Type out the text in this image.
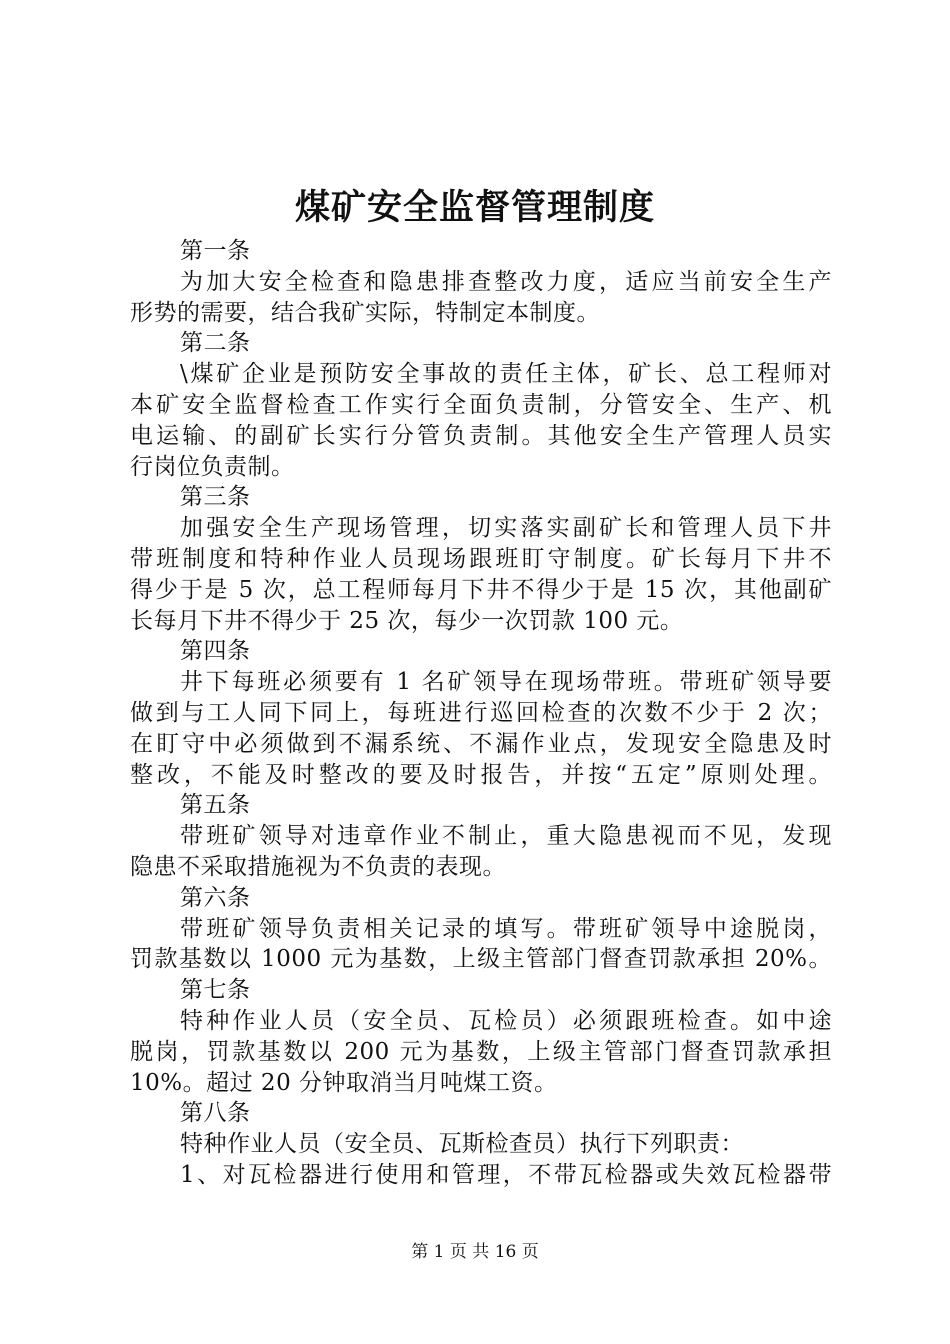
煤矿安全监督管理制度
第一条
为加大安全检查和隐患排查整改力度，适应当前安全生产
形势的需要，结合我矿实际，特制定本制度。
第二条
\煤矿企业是预防安全事故的责任主体，矿长、总工程师对
本矿安全监督检查工作实行全面负责制，分管安全、生产、机
电运输、的副矿长实行分管负责制。其他安全生产管理人员实
行岗位负责制。
第三条
加强安全生产现场管理，切实落实副矿长和管理人员下井
带班制度和特种作业人员现场跟班盯守制度。矿长每月下井不
得少于是 5 次，总工程师每月下井不得少于是 15 次，其他副矿
长每月下井不得少于 25 次，每少一次罚款 100 元。
第四条
井下每班必须要有 1 名矿领导在现场带班。带班矿领导要
做到与工人同下同上，每班进行巡回检查的次数不少于 2 次；
在盯守中必须做到不漏系统、不漏作业点，发现安全隐患及时
整改，不能及时整改的要及时报告，并按“五定”原则处理。
第五条
带班矿领导对违章作业不制止，重大隐患视而不见，发现
隐患不采取措施视为不负责的表现。
第六条
带班矿领导负责相关记录的填写。带班矿领导中途脱岗，
罚款基数以 1000 元为基数，上级主管部门督查罚款承担 20%。
第七条
特种作业人员（安全员、瓦检员）必须跟班检查。如中途
脱岗，罚款基数以 200 元为基数，上级主管部门督查罚款承担
10%。超过 20 分钟取消当月吨煤工资。
第八条
特种作业人员（安全员、瓦斯检查员）执行下列职责：
1、对瓦检器进行使用和管理，不带瓦检器或失效瓦检器带
第 1 页 共 16 页
